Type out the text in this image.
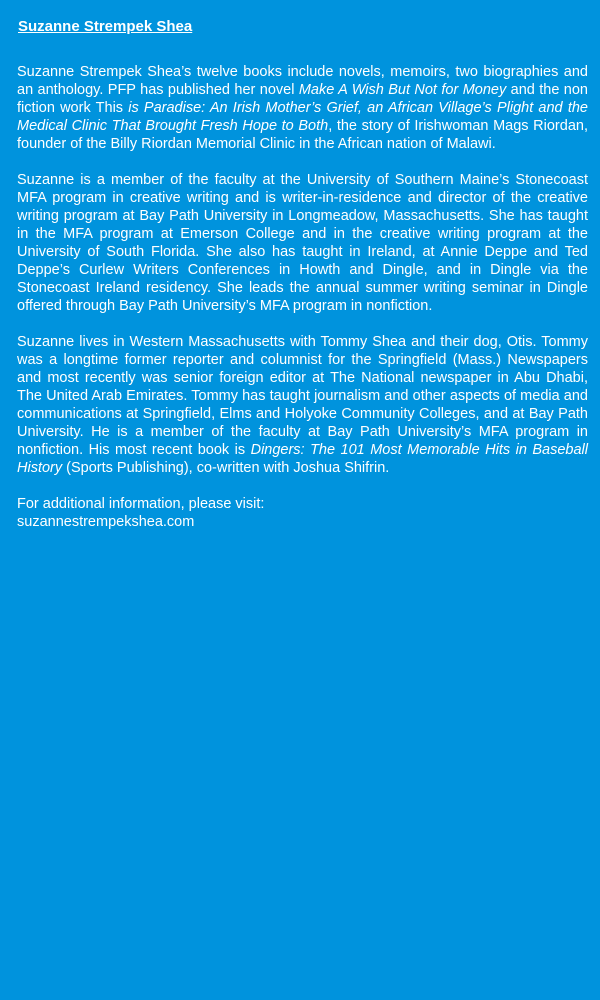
Suzanne Strempek Shea

Suzanne Strempek Shea’s twelve books include novels, memoirs, two biographies and an anthology. PFP has published her novel Make A Wish But Not for Money and the non fiction work This is Paradise: An Irish Mother’s Grief, an African Village’s Plight and the Medical Clinic That Brought Fresh Hope to Both, the story of Irishwoman Mags Riordan, founder of the Billy Riordan Memorial Clinic in the African nation of Malawi.

Suzanne is a member of the faculty at the University of Southern Maine’s Stonecoast MFA program in creative writing and is writer-in-residence and director of the creative writing program at Bay Path University in Longmeadow, Massachusetts. She has taught in the MFA program at Emerson College and in the creative writing program at the University of South Florida. She also has taught in Ireland, at Annie Deppe and Ted Deppe’s Curlew Writers Conferences in Howth and Dingle, and in Dingle via the Stonecoast Ireland residency. She leads the annual summer writing seminar in Dingle offered through Bay Path University’s MFA program in nonfiction.

Suzanne lives in Western Massachusetts with Tommy Shea and their dog, Otis. Tommy was a longtime former reporter and columnist for the Springfield (Mass.) Newspapers and most recently was senior foreign editor at The National newspaper in Abu Dhabi, The United Arab Emirates. Tommy has taught journalism and other aspects of media and communications at Springfield, Elms and Holyoke Community Colleges, and at Bay Path University. He is a member of the faculty at Bay Path University’s MFA program in nonfiction. His most recent book is Dingers: The 101 Most Memorable Hits in Baseball History (Sports Publishing), co-written with Joshua Shifrin.

For additional information, please visit:
suzannestrempekshea.com
